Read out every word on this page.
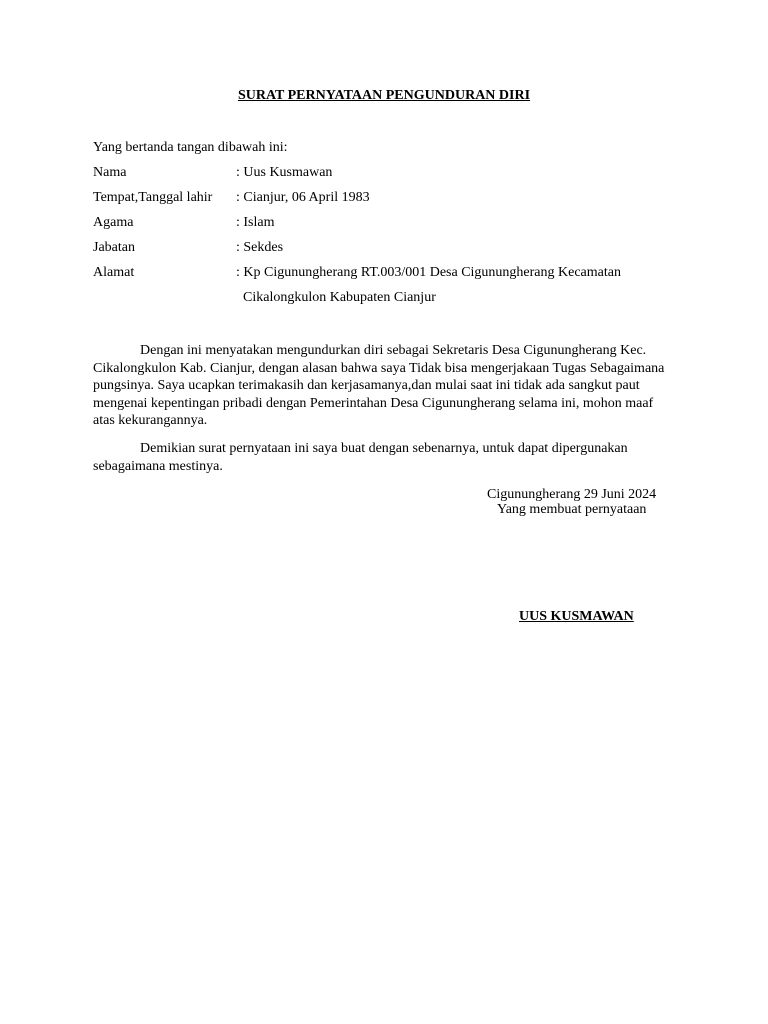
SURAT PERNYATAAN PENGUNDURAN DIRI
Yang bertanda tangan dibawah ini:
Nama	: Uus Kusmawan
Tempat,Tanggal lahir : Cianjur, 06 April 1983
Agama	: Islam
Jabatan	: Sekdes
Alamat	: Kp Cigunungherang RT.003/001 Desa Cigunungherang Kecamatan
Cikalongkulon Kabupaten Cianjur

Dengan ini menyatakan mengundurkan diri sebagai Sekretaris Desa Cigunungherang Kec. Cikalongkulon Kab. Cianjur, dengan alasan bahwa saya Tidak bisa mengerjakaan Tugas Sebagaimana pungsinya. Saya ucapkan terimakasih dan kerjasamanya,dan mulai saat ini tidak ada sangkut paut mengenai kepentingan pribadi dengan Pemerintahan Desa Cigunungherang selama ini, mohon maaf atas kekurangannya.

Demikian surat pernyataan ini saya buat dengan sebenarnya, untuk dapat dipergunakan sebagaimana mestinya.

Cigunungherang 29 Juni 2024
Yang membuat pernyataan
UUS KUSMAWAN
